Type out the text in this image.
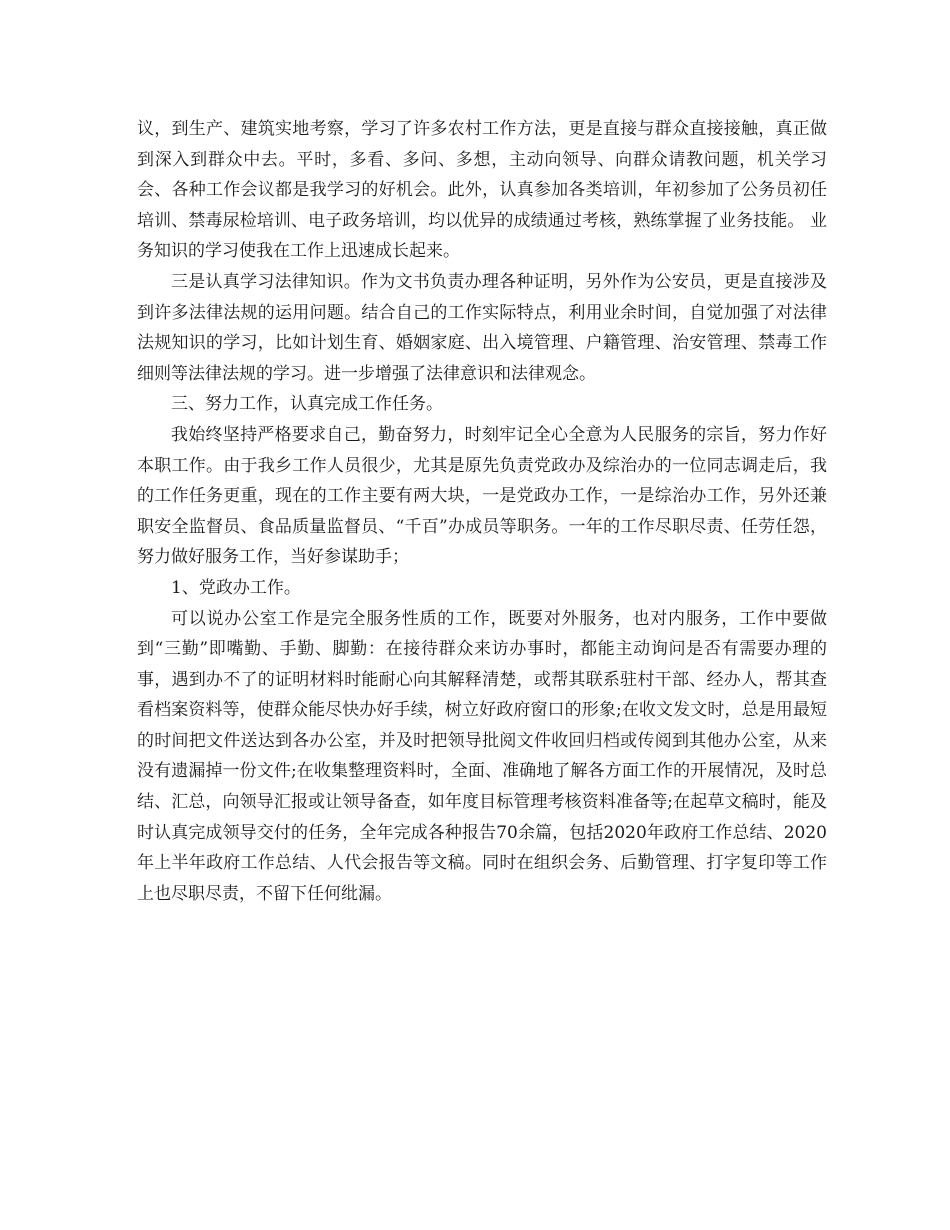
议，到生产、建筑实地考察，学习了许多农村工作方法，更是直接与群众直接接触，真正做到深入到群众中去。平时，多看、多问、多想，主动向领导、向群众请教问题，机关学习会、各种工作会议都是我学习的好机会。此外，认真参加各类培训，年初参加了公务员初任培训、禁毒尿检培训、电子政务培训，均以优异的成绩通过考核，熟练掌握了业务技能。 业务知识的学习使我在工作上迅速成长起来。

三是认真学习法律知识。作为文书负责办理各种证明，另外作为公安员，更是直接涉及到许多法律法规的运用问题。结合自己的工作实际特点，利用业余时间，自觉加强了对法律法规知识的学习，比如计划生育、婚姻家庭、出入境管理、户籍管理、治安管理、禁毒工作细则等法律法规的学习。进一步增强了法律意识和法律观念。

三、努力工作，认真完成工作任务。

我始终坚持严格要求自己，勤奋努力，时刻牢记全心全意为人民服务的宗旨，努力作好本职工作。由于我乡工作人员很少，尤其是原先负责党政办及综治办的一位同志调走后，我的工作任务更重，现在的工作主要有两大块，一是党政办工作，一是综治办工作，另外还兼职安全监督员、食品质量监督员、“千百”办成员等职务。一年的工作尽职尽责、任劳任怨，努力做好服务工作，当好参谋助手；

1、党政办工作。

可以说办公室工作是完全服务性质的工作，既要对外服务，也对内服务，工作中要做到“三勤”即嘴勤、手勤、脚勤：在接待群众来访办事时，都能主动询问是否有需要办理的事，遇到办不了的证明材料时能耐心向其解释清楚，或帮其联系驻村干部、经办人，帮其查看档案资料等，使群众能尽快办好手续，树立好政府窗口的形象;在收文发文时，总是用最短的时间把文件送达到各办公室，并及时把领导批阅文件收回归档或传阅到其他办公室，从来没有遗漏掉一份文件;在收集整理资料时，全面、准确地了解各方面工作的开展情况，及时总结、汇总，向领导汇报或让领导备查，如年度目标管理考核资料准备等;在起草文稿时，能及时认真完成领导交付的任务，全年完成各种报告70余篇，包括2020年政府工作总结、2020年上半年政府工作总结、人代会报告等文稿。同时在组织会务、后勤管理、打字复印等工作上也尽职尽责，不留下任何纰漏。
